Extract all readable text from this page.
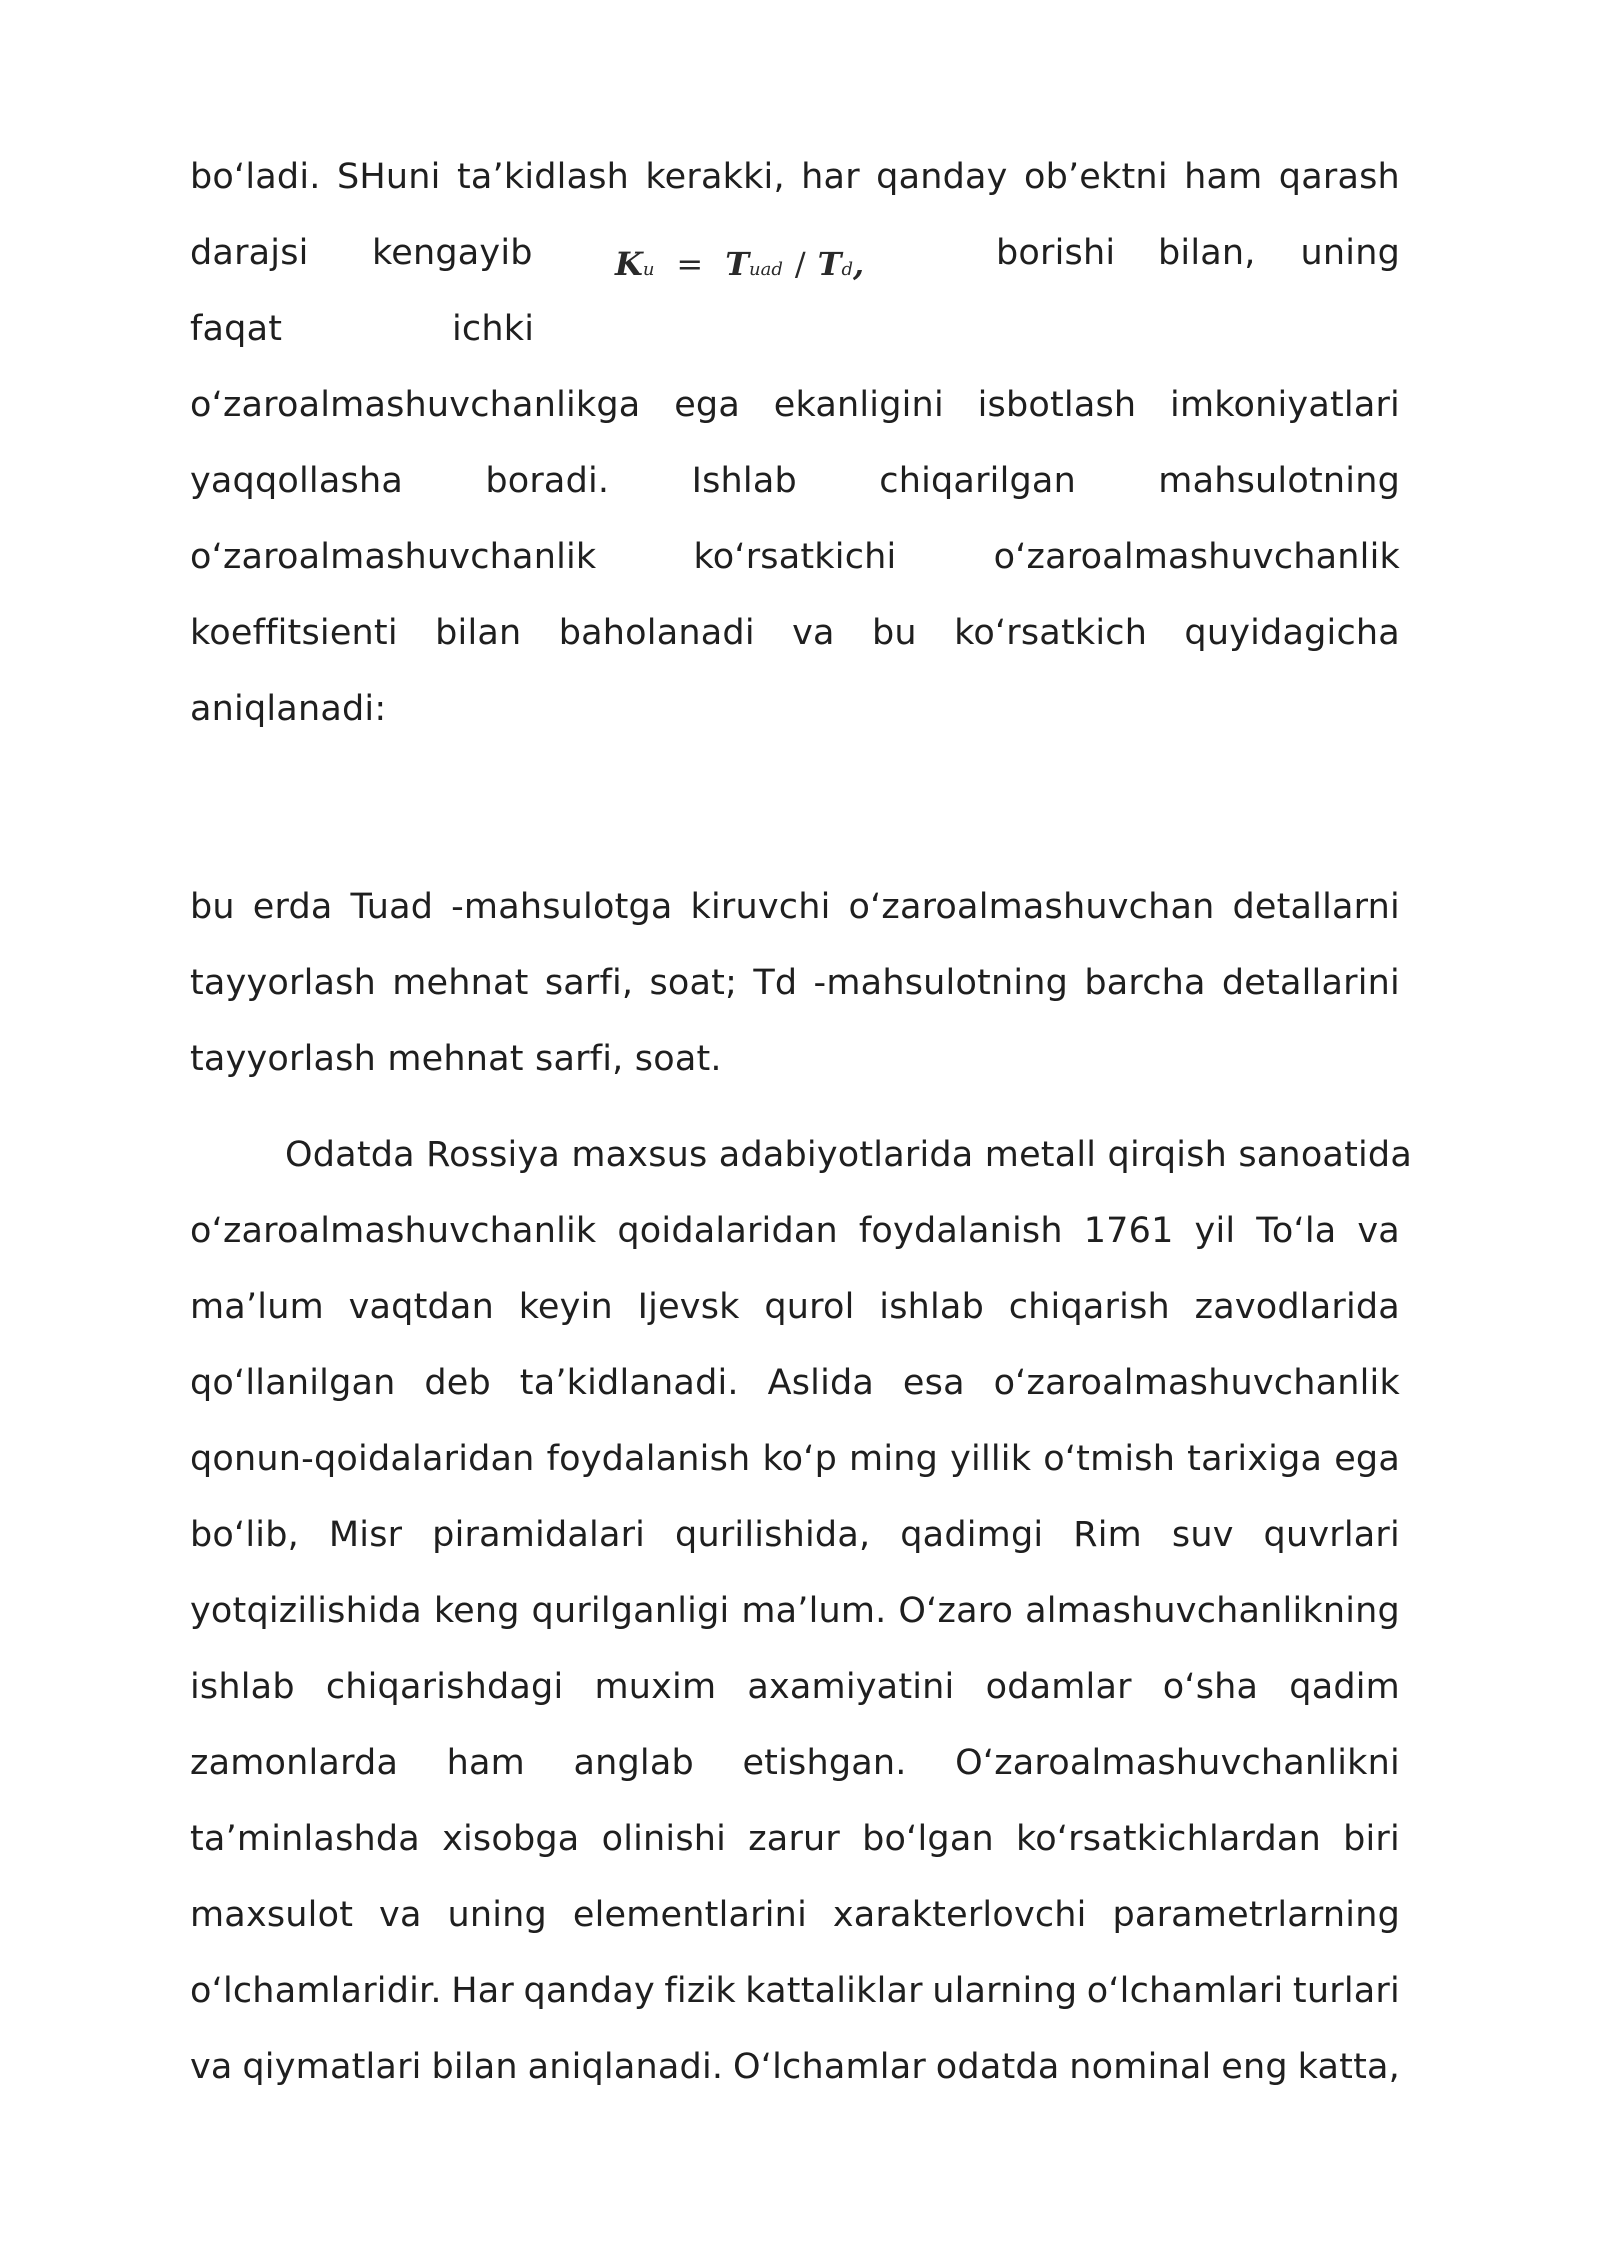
bo‘ladi. SHuni ta’kidlash kerakki, har qanday ob’ektni ham qarash
darajsi kengayib	borishi bilan, uning
K u = T uad / T d ,
faqat	ichki
o‘zaroalmashuvchanlikga ega ekanligini isbotlash imkoniyatlari
yaqqollasha boradi. Ishlab chiqarilgan mahsulotning
o‘zaroalmashuvchanlik	ko‘rsatkichi	o‘zaroalmashuvchanlik
koeffitsienti bilan baholanadi va bu ko‘rsatkich quyidagicha
aniqlanadi:
bu erda Tuad -mahsulotga kiruvchi o‘zaroalmashuvchan detallarni
tayyorlash mehnat sarfi, soat; Td -mahsulotning barcha detallarini
tayyorlash mehnat sarfi, soat.
Odatda Rossiya maxsus adabiyotlarida metall qirqish sanoatida
o‘zaroalmashuvchanlik qoidalaridan foydalanish 1761 yil To‘la va
ma’lum vaqtdan keyin Ijevsk qurol ishlab chiqarish zavodlarida
qo‘llanilgan deb ta’kidlanadi. Aslida esa o‘zaroalmashuvchanlik
qonun-qoidalaridan foydalanish ko‘p ming yillik o‘tmish tarixiga ega
bo‘lib, Misr piramidalari qurilishida, qadimgi Rim suv quvrlari
yotqizilishida keng qurilganligi ma’lum. O‘zaro almashuvchanlikning
ishlab chiqarishdagi muxim axamiyatini odamlar o‘sha qadim
zamonlarda ham anglab etishgan. O‘zaroalmashuvchanlikni
ta’minlashda xisobga olinishi zarur bo‘lgan ko‘rsatkichlardan biri
maxsulot va uning elementlarini xarakterlovchi parametrlarning
o‘lchamlaridir. Har qanday fizik kattaliklar ularning o‘lchamlari turlari
va qiymatlari bilan aniqlanadi. O‘lchamlar odatda nominal eng katta,
